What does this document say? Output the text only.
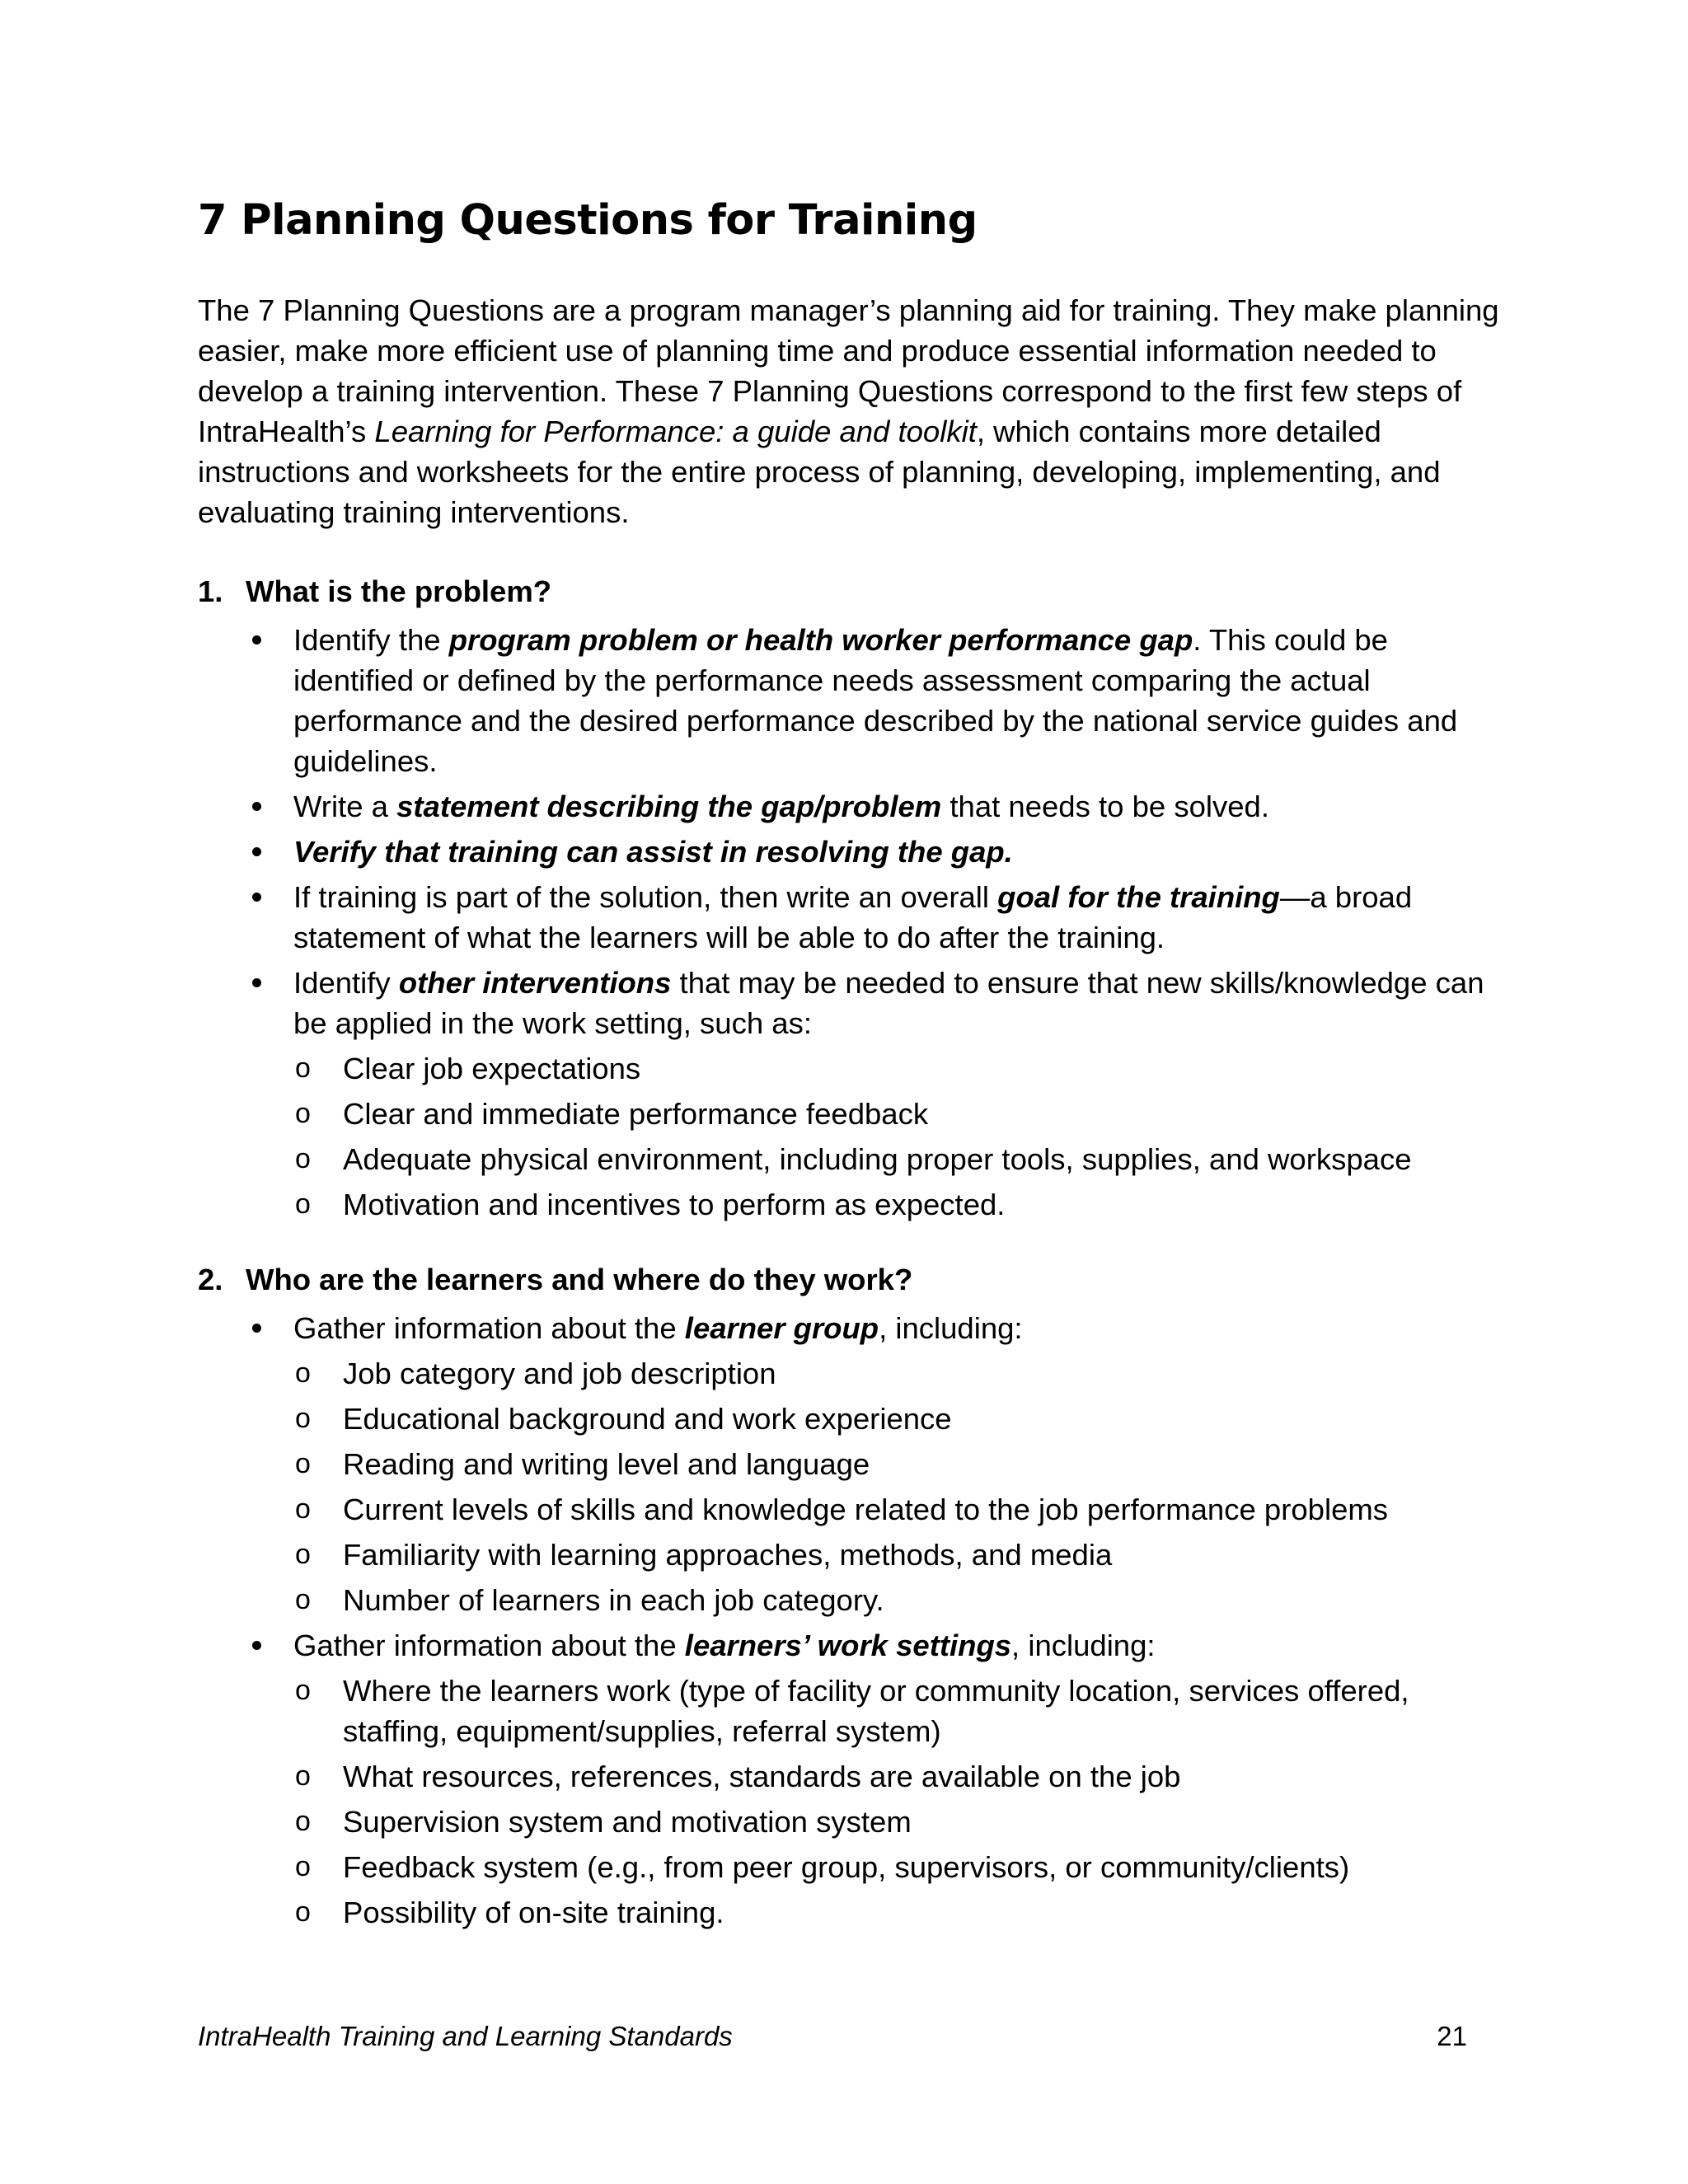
7 Planning Questions for Training

The 7 Planning Questions are a program manager’s planning aid for training. They make planning easier, make more efficient use of planning time and produce essential information needed to develop a training intervention. These 7 Planning Questions correspond to the first few steps of IntraHealth’s Learning for Performance: a guide and toolkit, which contains more detailed instructions and worksheets for the entire process of planning, developing, implementing, and evaluating training interventions.

1. What is the problem?
Identify the program problem or health worker performance gap. This could be identified or defined by the performance needs assessment comparing the actual performance and the desired performance described by the national service guides and guidelines.
Write a statement describing the gap/problem that needs to be solved.
Verify that training can assist in resolving the gap.
If training is part of the solution, then write an overall goal for the training—a broad statement of what the learners will be able to do after the training.
Identify other interventions that may be needed to ensure that new skills/knowledge can be applied in the work setting, such as:
o Clear job expectations
o Clear and immediate performance feedback
o Adequate physical environment, including proper tools, supplies, and workspace
o Motivation and incentives to perform as expected.
2. Who are the learners and where do they work?
Gather information about the learner group, including:
o Job category and job description
o Educational background and work experience
o Reading and writing level and language
o Current levels of skills and knowledge related to the job performance problems
o Familiarity with learning approaches, methods, and media
o Number of learners in each job category.
Gather information about the learners’ work settings, including:
o Where the learners work (type of facility or community location, services offered, staffing, equipment/supplies, referral system)
o What resources, references, standards are available on the job
o Supervision system and motivation system
o Feedback system (e.g., from peer group, supervisors, or community/clients)
o Possibility of on-site training.

IntraHealth Training and Learning Standards	21
